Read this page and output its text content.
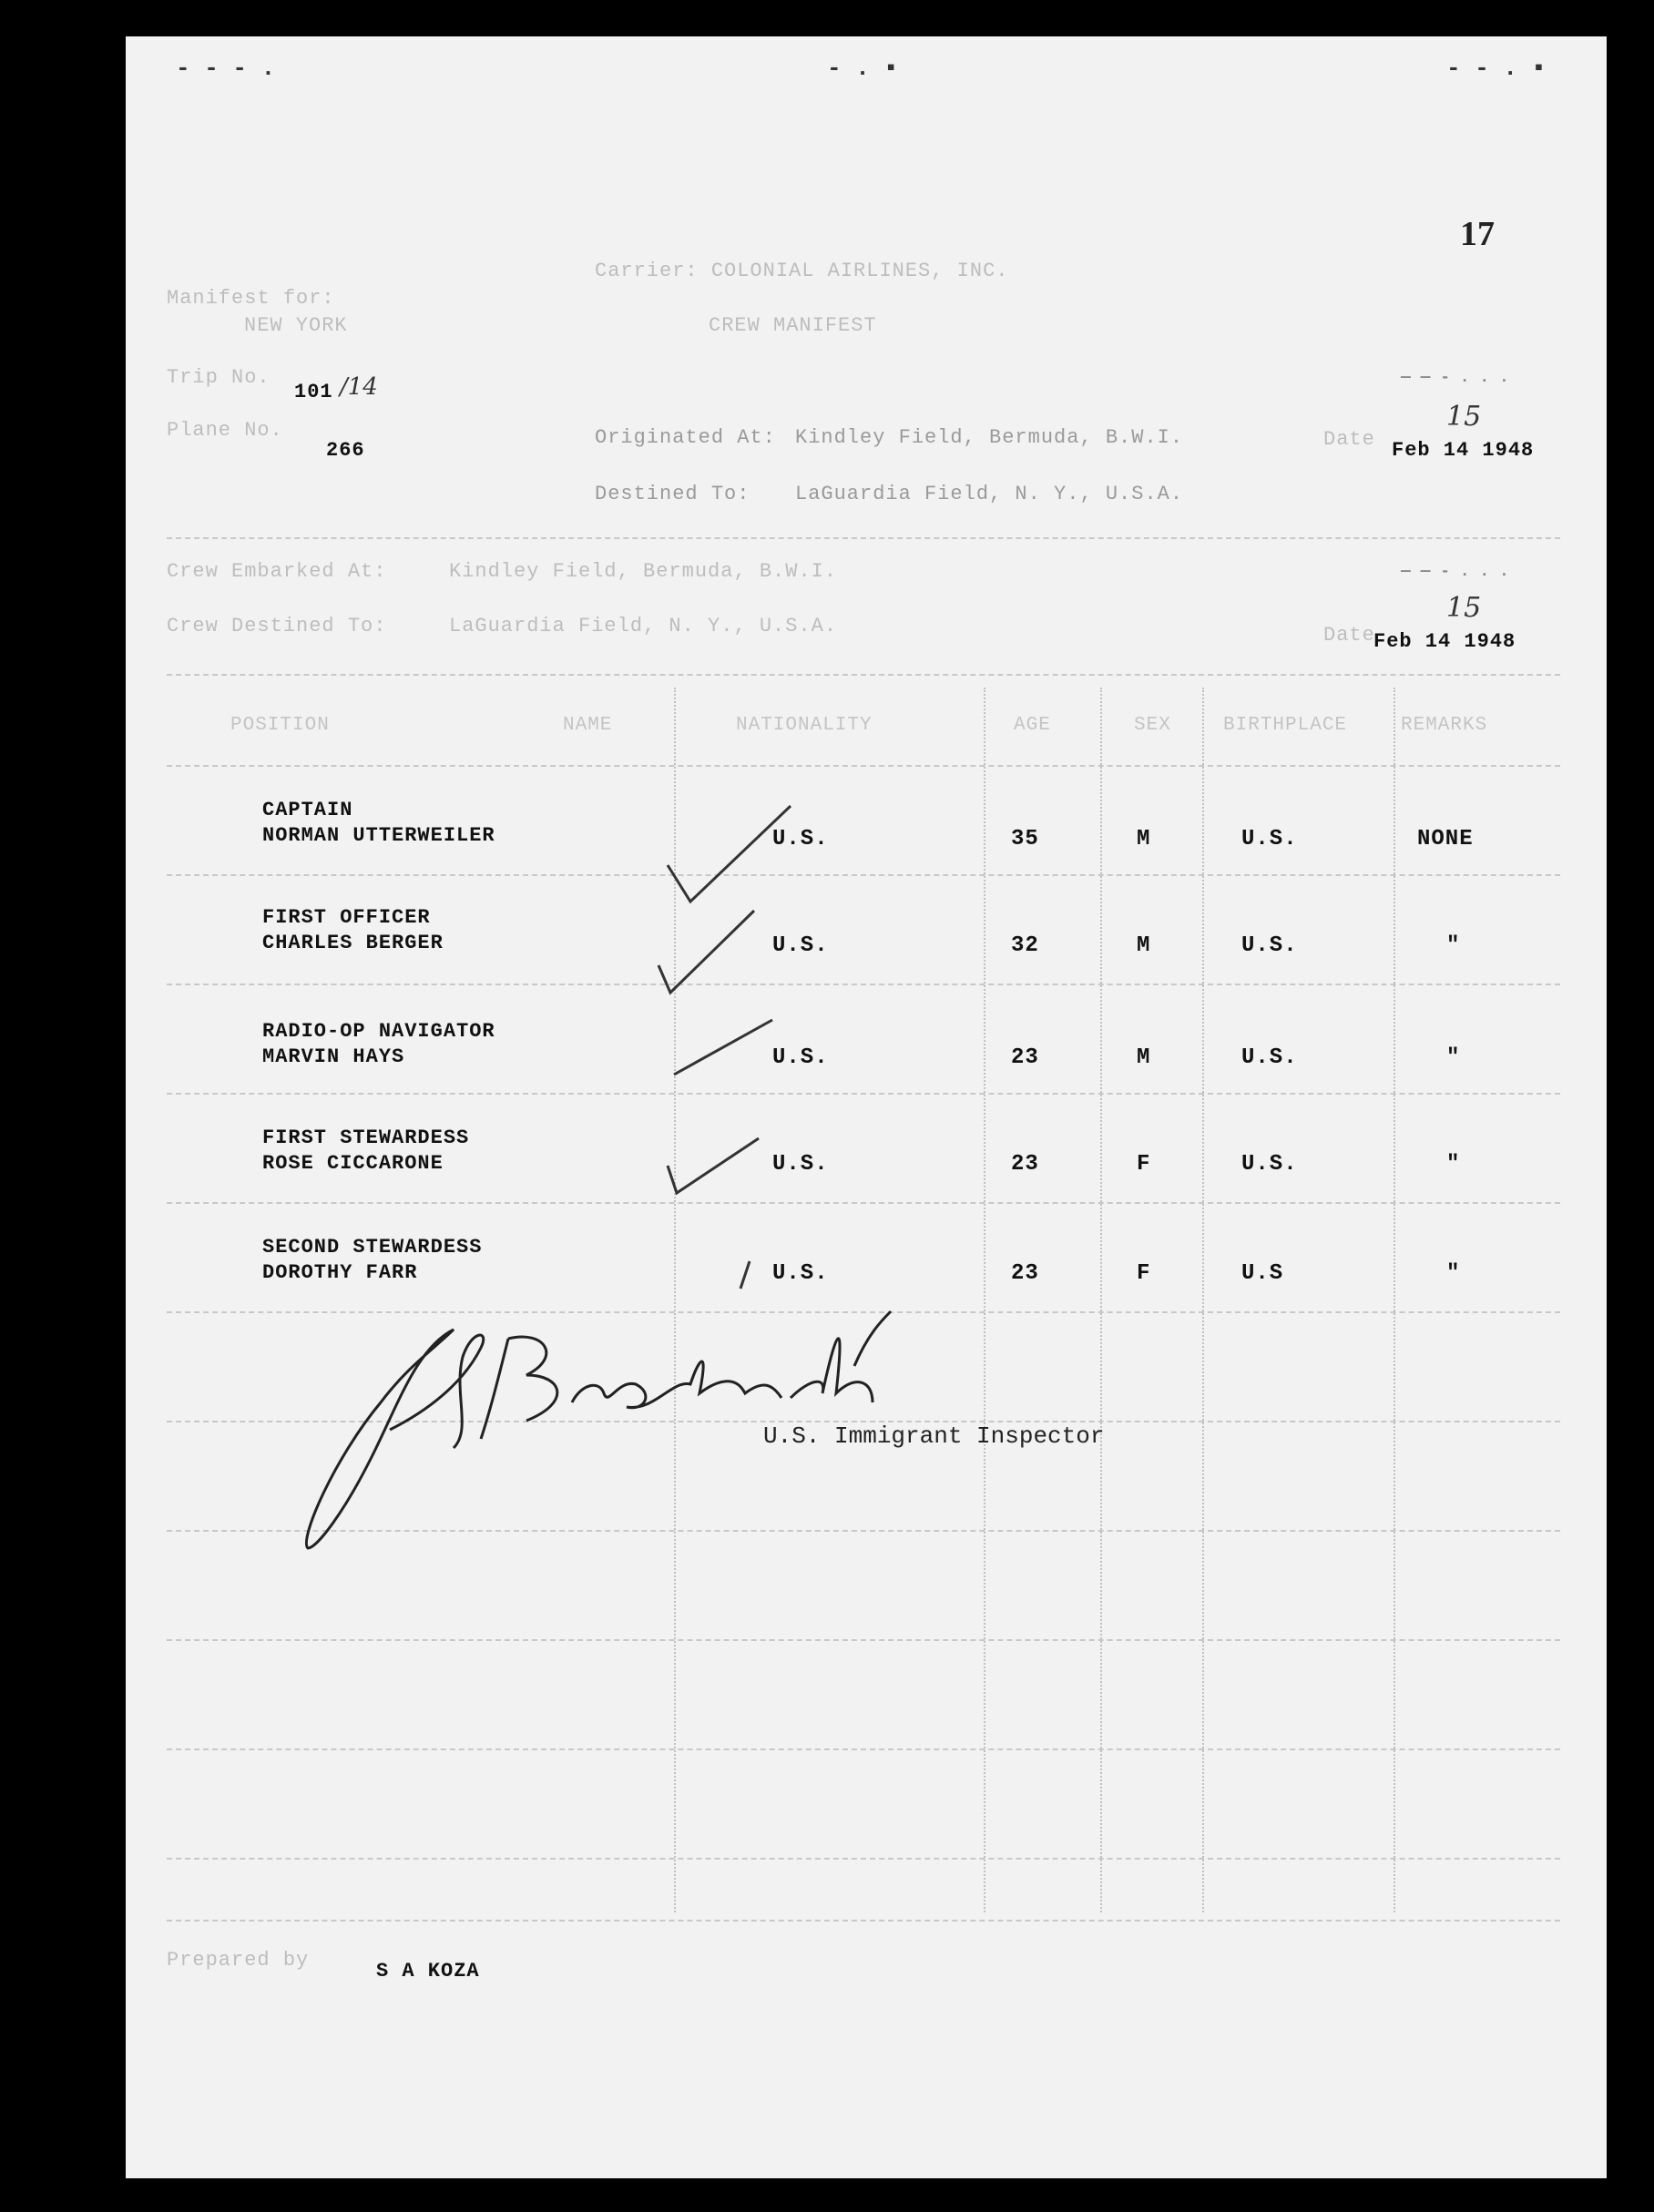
- - - .	- . ▪	- - . ▪
17
Carrier: COLONIAL AIRLINES, INC.
CREW MANIFEST
Manifest for:
NEW YORK
Trip No.
101 /14
Plane No.
266
Originated At: Kindley Field, Bermuda, B.W.I.	Date
15
Feb 14 1948
Destined To: LaGuardia Field, N. Y., U.S.A.
— — - . . .
Crew Embarked At:	Kindley Field, Bermuda, B.W.I.
Crew Destined To:	LaGuardia Field, N. Y., U.S.A.	Date
15
Feb 14 1948
— — - . . .
POSITION	NAME	NATIONALITY	AGE	SEX	BIRTHPLACE	REMARKS
CAPTAIN
NORMAN UTTERWEILER	U.S.	35	M	U.S.	NONE
FIRST OFFICER
CHARLES BERGER	U.S.	32	M	U.S.	"
RADIO-OP NAVIGATOR
MARVIN HAYS	U.S.	23	M	U.S.	"
FIRST STEWARDESS
ROSE CICCARONE	U.S.	23	F	U.S.	"
SECOND STEWARDESS
DOROTHY FARR	U.S.	23	F	U.S	"
U.S. Immigrant Inspector
Prepared by	S A KOZA
